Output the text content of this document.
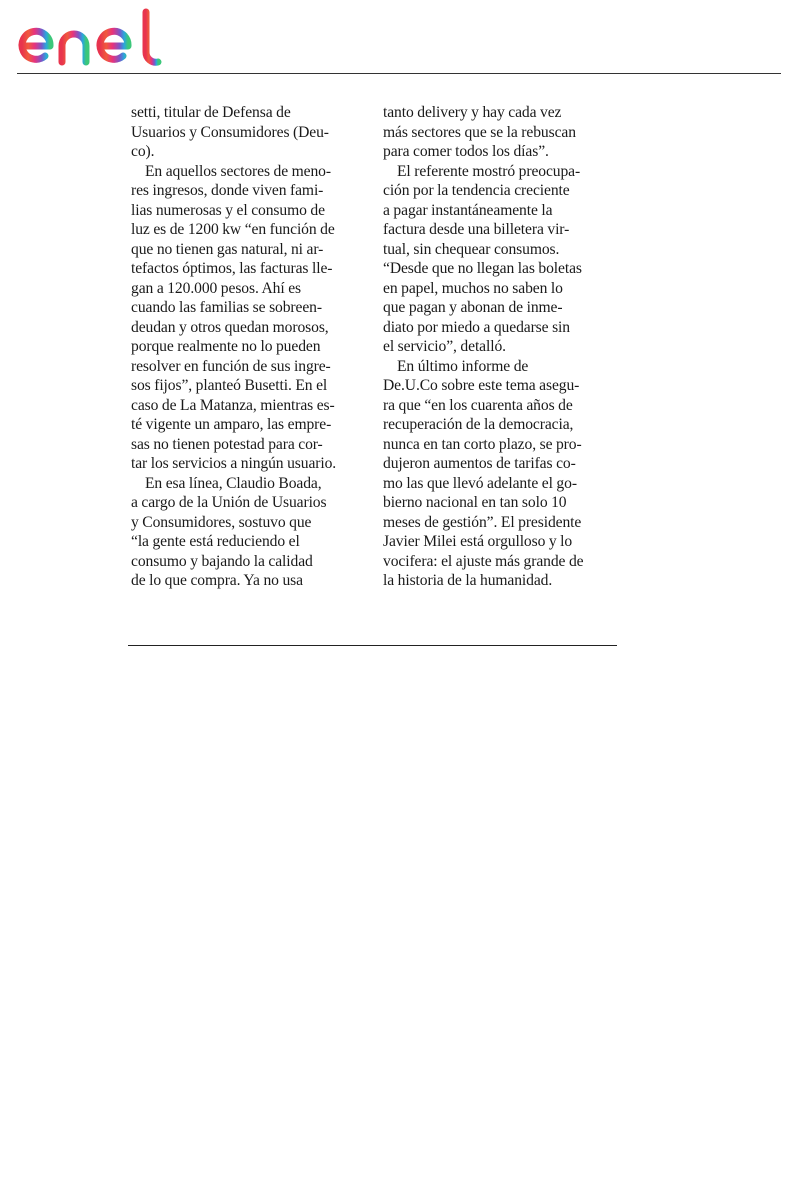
setti, titular de Defensa de
Usuarios y Consumidores (Deu-
co).
En aquellos sectores de meno-
res ingresos, donde viven fami-
lias numerosas y el consumo de
luz es de 1200 kw “en función de
que no tienen gas natural, ni ar-
tefactos óptimos, las facturas lle-
gan a 120.000 pesos. Ahí es
cuando las familias se sobreen-
deudan y otros quedan morosos,
porque realmente no lo pueden
resolver en función de sus ingre-
sos fijos”, planteó Busetti. En el
caso de La Matanza, mientras es-
té vigente un amparo, las empre-
sas no tienen potestad para cor-
tar los servicios a ningún usuario.
En esa línea, Claudio Boada,
a cargo de la Unión de Usuarios
y Consumidores, sostuvo que
“la gente está reduciendo el
consumo y bajando la calidad
de lo que compra. Ya no usa
tanto delivery y hay cada vez
más sectores que se la rebuscan
para comer todos los días”.
El referente mostró preocupa-
ción por la tendencia creciente
a pagar instantáneamente la
factura desde una billetera vir-
tual, sin chequear consumos.
“Desde que no llegan las boletas
en papel, muchos no saben lo
que pagan y abonan de inme-
diato por miedo a quedarse sin
el servicio”, detalló.
En último informe de
De.U.Co sobre este tema asegu-
ra que “en los cuarenta años de
recuperación de la democracia,
nunca en tan corto plazo, se pro-
dujeron aumentos de tarifas co-
mo las que llevó adelante el go-
bierno nacional en tan solo 10
meses de gestión”. El presidente
Javier Milei está orgulloso y lo
vocifera: el ajuste más grande de
la historia de la humanidad.
